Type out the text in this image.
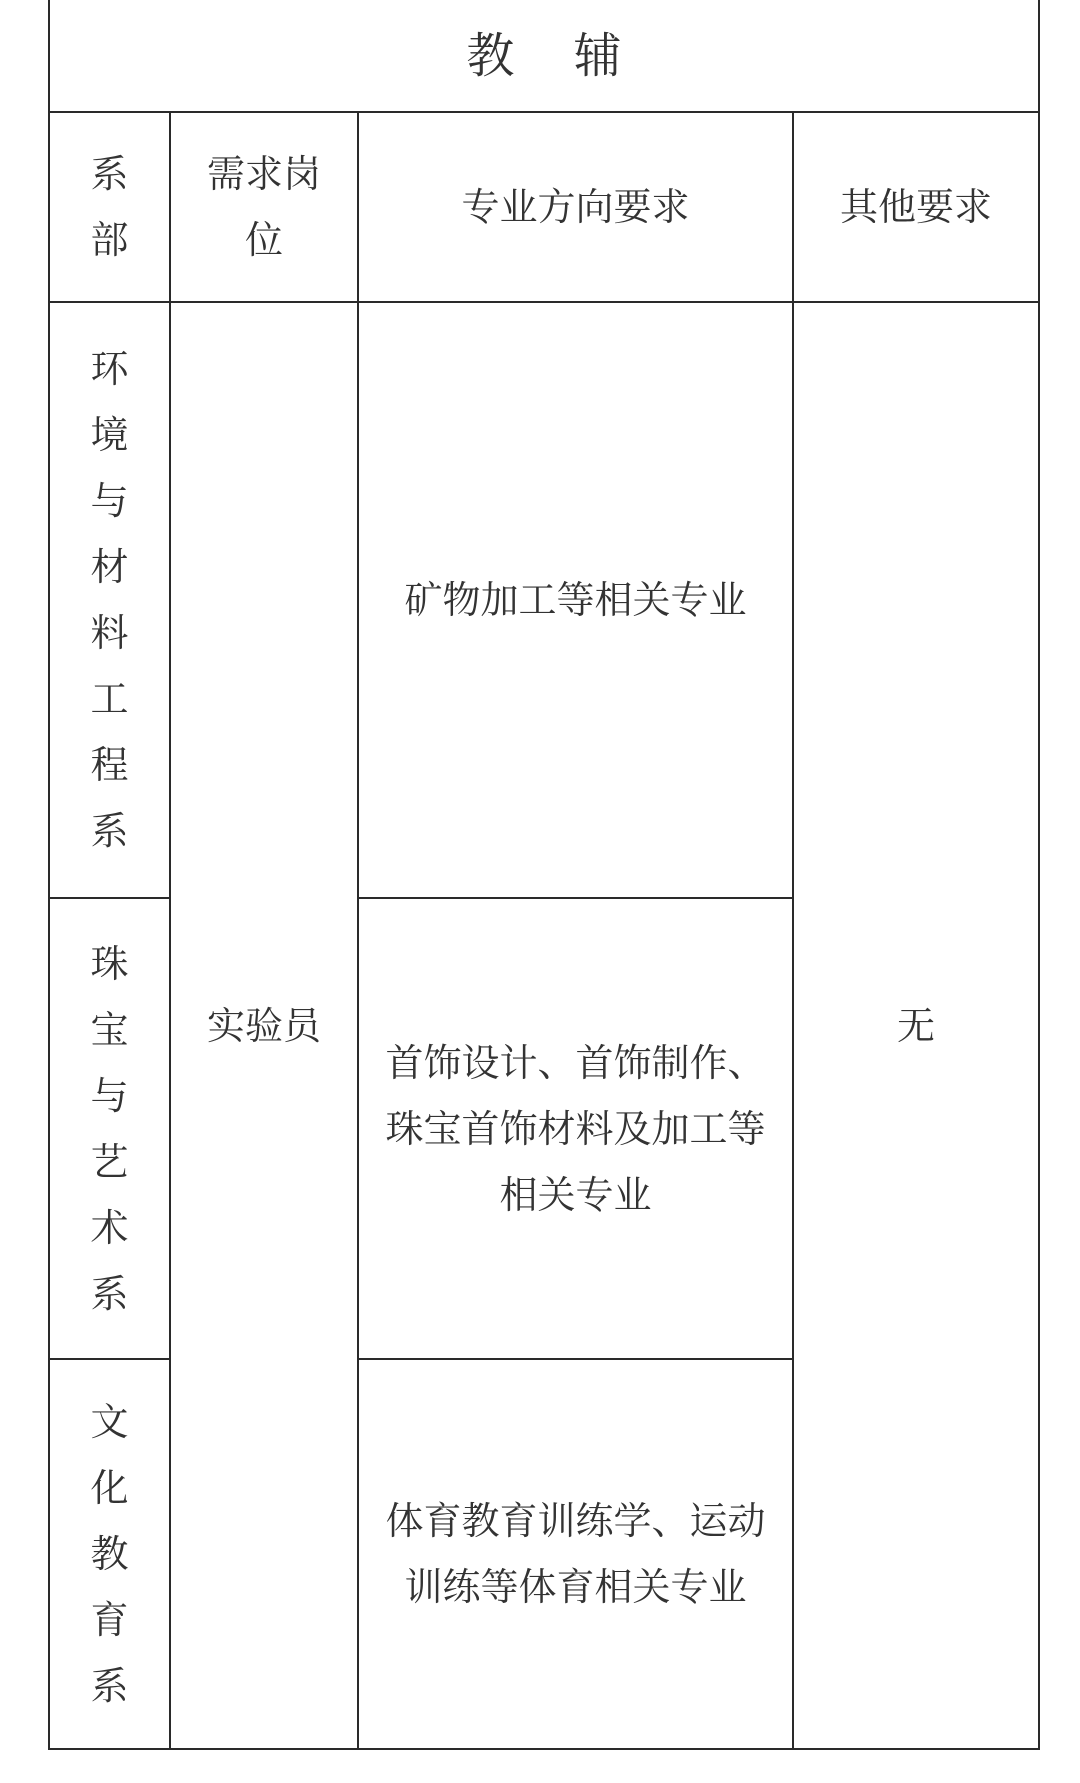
教 辅			
系部	需求岗位	专业方向要求	其他要求
环境与材料工程系	实验员	矿物加工等相关专业	无
珠宝与艺术系		首饰设计、首饰制作、珠宝首饰材料及加工等相关专业	
文化教育系		体育教育训练学、运动训练等体育相关专业	
